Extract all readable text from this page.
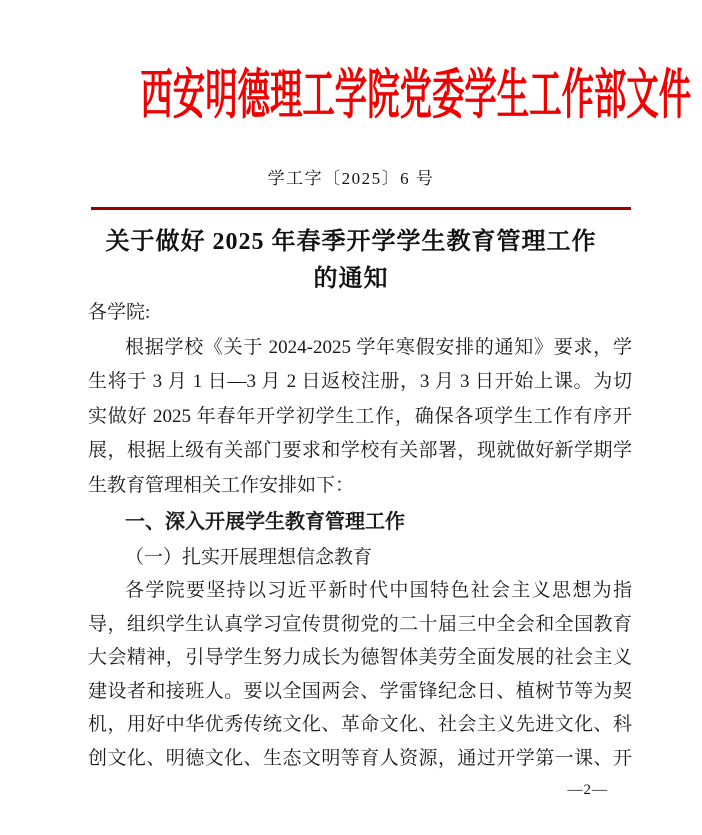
西安明德理工学院党委学生工作部文件
学工字〔2025〕6 号
关于做好 2025 年春季开学学生教育管理工作
的通知
各学院:
根据学校《关于 2024-2025 学年寒假安排的通知》要求，学
生将于 3 月 1 日—3 月 2 日返校注册，3 月 3 日开始上课。为切
实做好 2025 年春年开学初学生工作，确保各项学生工作有序开
展，根据上级有关部门要求和学校有关部署，现就做好新学期学
生教育管理相关工作安排如下：
一、深入开展学生教育管理工作
（一）扎实开展理想信念教育
各学院要坚持以习近平新时代中国特色社会主义思想为指
导，组织学生认真学习宣传贯彻党的二十届三中全会和全国教育
大会精神，引导学生努力成长为德智体美劳全面发展的社会主义
建设者和接班人。要以全国两会、学雷锋纪念日、植树节等为契
机，用好中华优秀传统文化、革命文化、社会主义先进文化、科
创文化、明德文化、生态文明等育人资源，通过开学第一课、开
—2—
